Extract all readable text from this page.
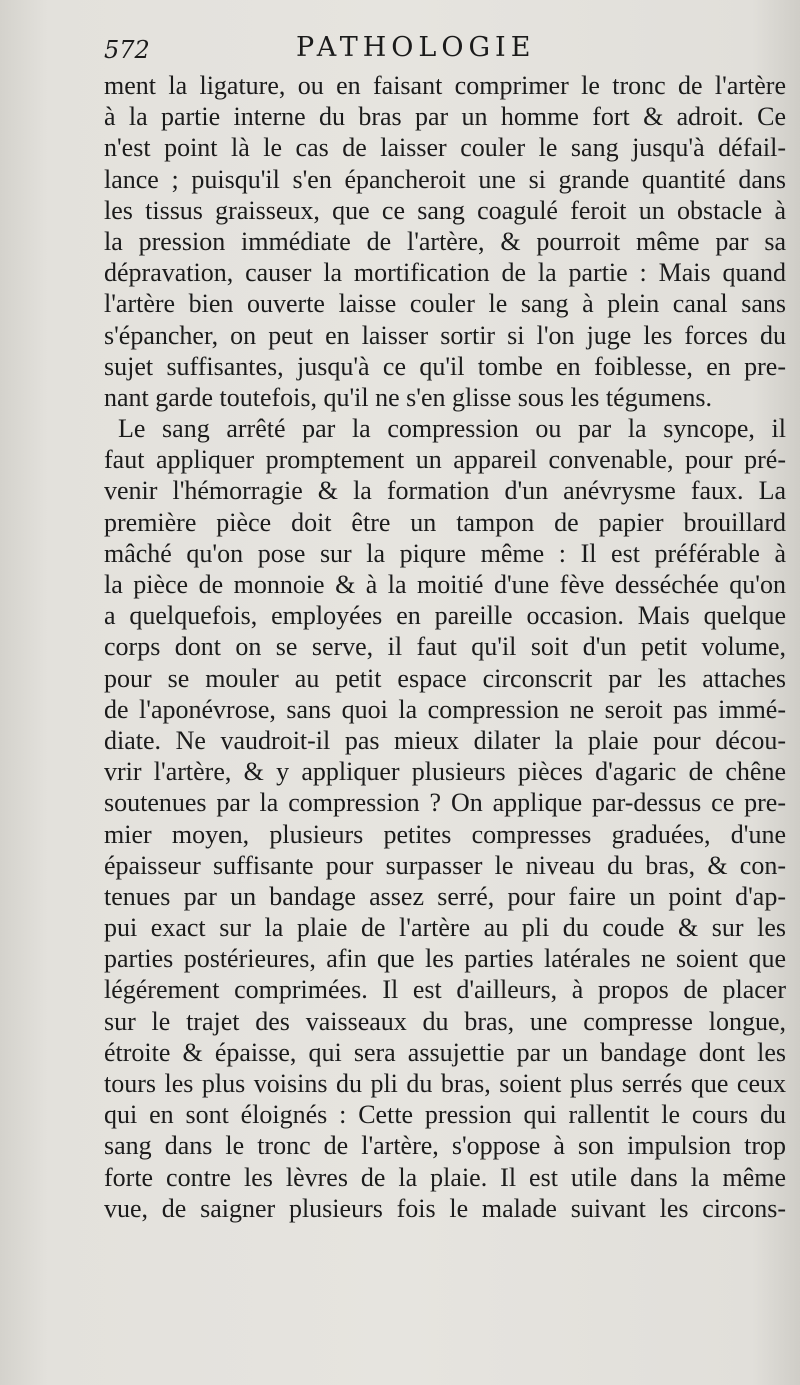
572	PATHOLOGIE

ment la ligature, ou en faisant comprimer le tronc de l'artère
à la partie interne du bras par un homme fort & adroit. Ce
n'est point là le cas de laisser couler le sang jusqu'à défail-
lance ; puisqu'il s'en épancheroit une si grande quantité dans
les tissus graisseux, que ce sang coagulé feroit un obstacle à
la pression immédiate de l'artère, & pourroit même par sa
dépravation, causer la mortification de la partie : Mais quand
l'artère bien ouverte laisse couler le sang à plein canal sans
s'épancher, on peut en laisser sortir si l'on juge les forces du
sujet suffisantes, jusqu'à ce qu'il tombe en foiblesse, en pre-
nant garde toutefois, qu'il ne s'en glisse sous les tégumens.

Le sang arrêté par la compression ou par la syncope, il
faut appliquer promptement un appareil convenable, pour pré-
venir l'hémorragie & la formation d'un anévrysme faux. La
première pièce doit être un tampon de papier brouillard
mâché qu'on pose sur la piqure même : Il est préférable à
la pièce de monnoie & à la moitié d'une fève desséchée qu'on
a quelquefois, employées en pareille occasion. Mais quelque
corps dont on se serve, il faut qu'il soit d'un petit volume,
pour se mouler au petit espace circonscrit par les attaches
de l'aponévrose, sans quoi la compression ne seroit pas immé-
diate. Ne vaudroit-il pas mieux dilater la plaie pour décou-
vrir l'artère, & y appliquer plusieurs pièces d'agaric de chêne
soutenues par la compression ? On applique par-dessus ce pre-
mier moyen, plusieurs petites compresses graduées, d'une
épaisseur suffisante pour surpasser le niveau du bras, & con-
tenues par un bandage assez serré, pour faire un point d'ap-
pui exact sur la plaie de l'artère au pli du coude & sur les
parties postérieures, afin que les parties latérales ne soient que
légérement comprimées. Il est d'ailleurs, à propos de placer
sur le trajet des vaisseaux du bras, une compresse longue,
étroite & épaisse, qui sera assujettie par un bandage dont les
tours les plus voisins du pli du bras, soient plus serrés que ceux
qui en sont éloignés : Cette pression qui rallentit le cours du
sang dans le tronc de l'artère, s'oppose à son impulsion trop
forte contre les lèvres de la plaie. Il est utile dans la même
vue, de saigner plusieurs fois le malade suivant les circons-
